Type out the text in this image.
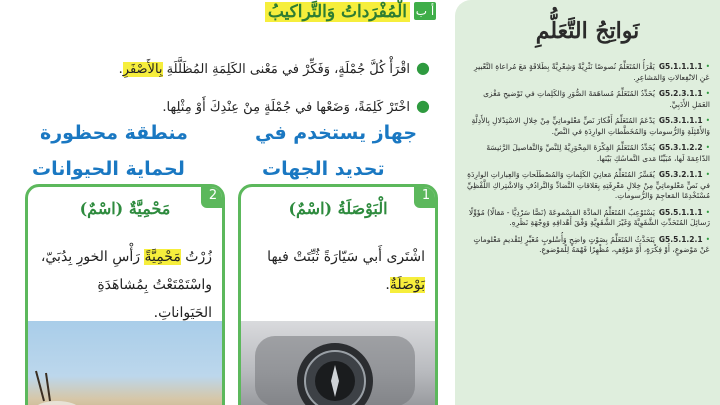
أ ب
الْمُفْرَداتُ وَالتَّراكيبُ
●اقْرَأْ كُلَّ جُمْلَةٍ، وَفَكِّرْ في مَعْنى الكَلِمَةِ المُظَلَّلَةِ بِالأَصْفَرِ.
●اخْتَرْ كَلِمَةً، وَضَعْها في جُمْلَةٍ مِنْ عِنْدِكَ أَوْ مِثْلِها.
1
الْبَوْصَلَةُ (اسْمٌ)
اشْتَرى أَبي سَيّارَةً ثُبِّتَتْ فيها بَوْصَلَةٌ.
2
مَحْمِيَّةٌ (اسْمٌ)
زُرْتُ مَحْمِيَّةً رَأْسِ الخورِ بِدُبَيّ، واسْتَمْتَعْتُ بِمُشاهَدَةِ الحَيَواناتِ.
جهاز يستخدم في
تحديد الجهات
منطقة محظورة
لحماية الحيوانات
نَواتِجُ التَّعَلُّمِ
•G5.1.1.1.1يَقْرَأُ المُتَعَلِّمُ نُصوصًا نَثْرِيَّةً وَشِعْرِيَّةً بِطَلاقَةٍ مَعَ مُراعاةِ التَّعْبيرِ عَنِ الانْفِعالاتِ وَالمَشاعِرِ.
•G5.2.3.1.1يُحَدِّدُ المُتَعَلِّمُ مُساهَمَةَ الصُّوَرِ وَالكَلِماتِ في تَوْضيحِ مَغْزى العَمَلِ الأَدَبِيِّ.
•G5.3.1.1.1يَدْعَمُ المُتَعَلِّمُ أَفْكارَ نَصٍّ مَعْلوماتِيٍّ مِنْ خِلالِ الاسْتِدْلالِ بِالأَدِلَّةِ وَالأَمْثِلَةِ وَالرُّسوماتِ وَالمُخَطَّطاتِ الوارِدَةِ في النَّصِّ.
•G5.3.1.2.2يُحَدِّدُ المُتَعَلِّمُ الفِكْرَةَ المِحْوَرِيَّةَ لِلنَّصِّ وَالتَّفاصيلَ الرَّئيسَةَ الدّاعِمَةَ لَها، مُبَيِّنًا مَدى التَّماسُكِ بَيْنَها.
•G5.3.2.1.1يُفَسِّرُ المُتَعَلِّمُ مَعانِيَ الكَلِماتِ وَالمُصْطَلَحاتِ وَالعِباراتِ الوارِدَةِ في نَصٍّ مَعْلوماتِيٍّ مِنْ خِلالِ مَعْرِفَتِهِ بِعَلاقاتِ التَّضادِّ وَالتَّرادُفِ وَالاشْتِراكِ اللَّفْظِيِّ مُسْتَخْدِمًا المَعاجِمَ وَالرُّسوماتِ.
•G5.5.1.1.1يَسْتَوْعِبُ المُتَعَلِّمُ المادَّةَ المَسْموعَةَ (نَصًّا سَرْدِيًّا - مَقالًا) مُؤَوِّلًا رَسائِلَ المُتَحَدِّثِ الشَّفَوِيَّةَ وَغَيْرَ الشَّفَوِيَّةِ وَفْقَ أَهْدافِهِ وَوِجْهَةِ نَظَرِهِ.
•G5.5.1.2.1يَتَحَدَّثُ المُتَعَلِّمُ بِصَوْتٍ واضِحٍ وَأُسْلوبٍ مُعَبِّرٍ لِتَقْديمِ مَعْلوماتٍ عَنْ مَوْضوعٍ، أَوْ فِكْرَةٍ، أَوْ مَوْقِفٍ، مُظْهِرًا فَهْمَهُ لِلْمَوْضوعِ.
